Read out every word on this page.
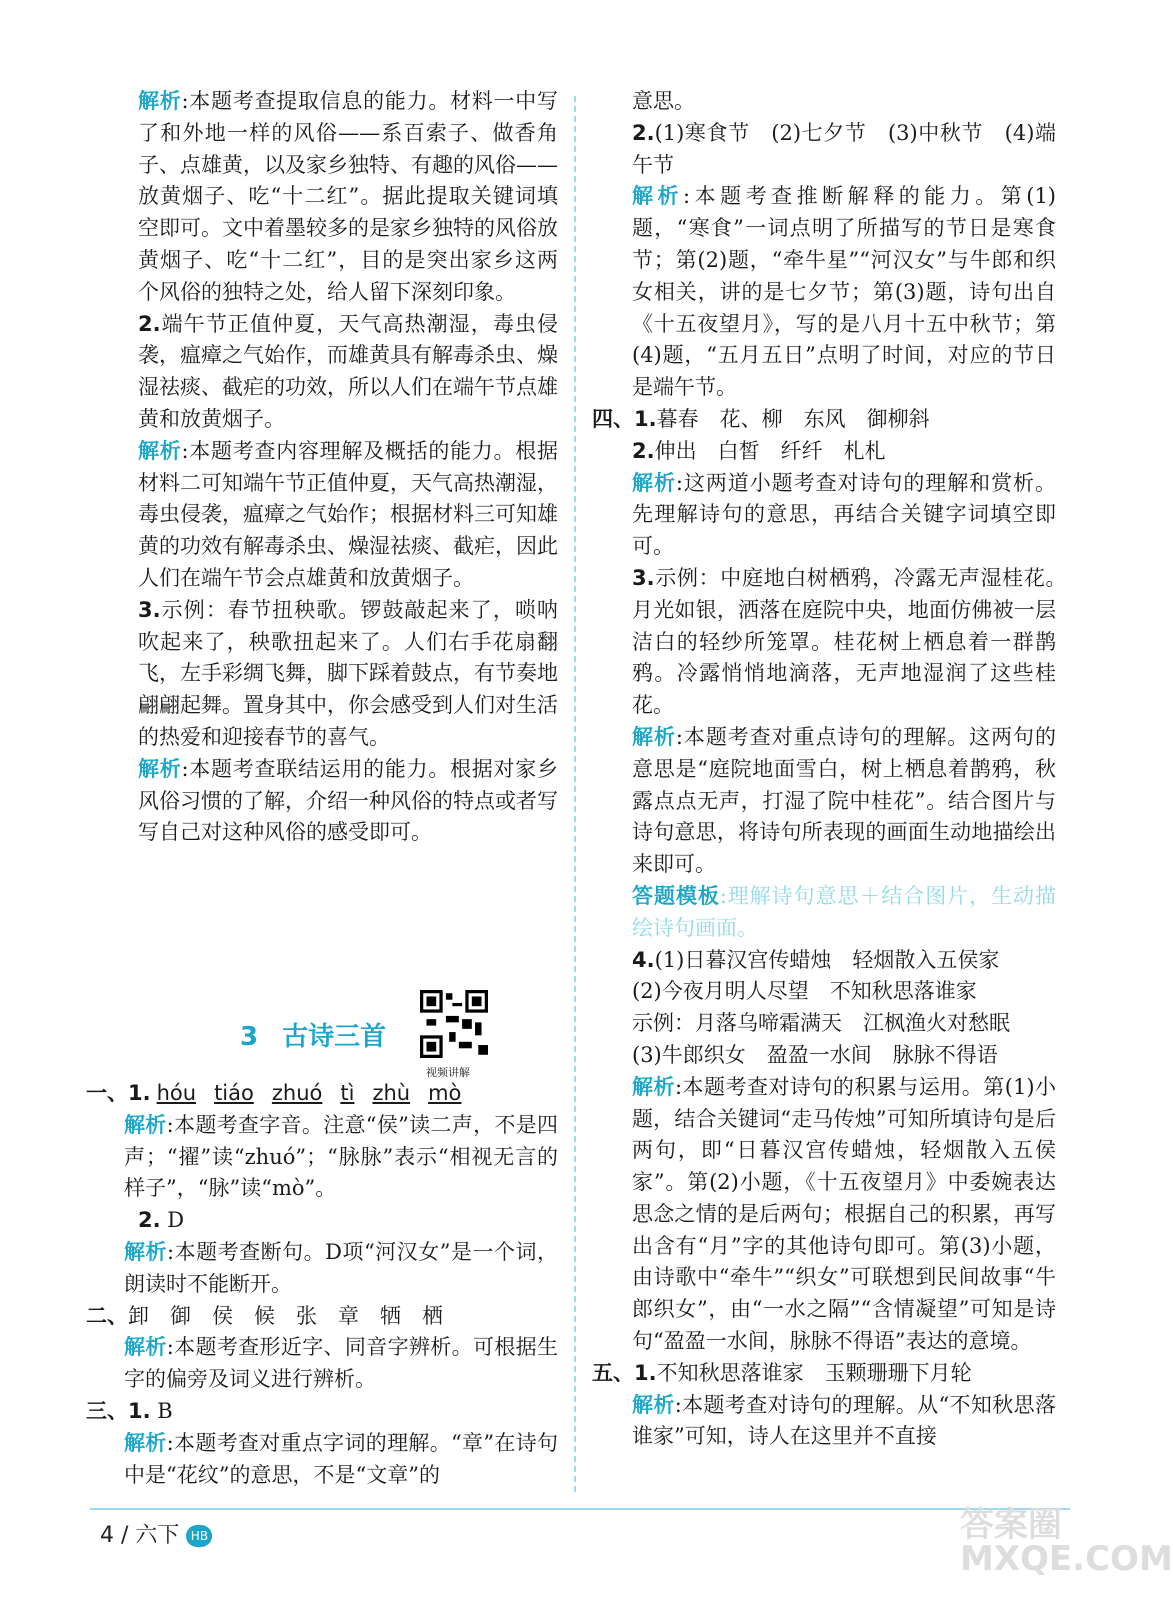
解析:本题考查提取信息的能力。材料一中写了和外地一样的风俗——系百索子、做香角子、点雄黄，以及家乡独特、有趣的风俗——放黄烟子、吃“十二红”。据此提取关键词填空即可。文中着墨较多的是家乡独特的风俗放黄烟子、吃“十二红”，目的是突出家乡这两个风俗的独特之处，给人留下深刻印象。

2.端午节正值仲夏，天气高热潮湿，毒虫侵袭，瘟瘴之气始作，而雄黄具有解毒杀虫、燥湿祛痰、截疟的功效，所以人们在端午节点雄黄和放黄烟子。

解析:本题考查内容理解及概括的能力。根据材料二可知端午节正值仲夏，天气高热潮湿，毒虫侵袭，瘟瘴之气始作；根据材料三可知雄黄的功效有解毒杀虫、燥湿祛痰、截疟，因此人们在端午节会点雄黄和放黄烟子。

3.示例：春节扭秧歌。锣鼓敲起来了，唢呐吹起来了，秧歌扭起来了。人们右手花扇翻飞，左手彩绸飞舞，脚下踩着鼓点，有节奏地翩翩起舞。置身其中，你会感受到人们对生活的热爱和迎接春节的喜气。

解析:本题考查联结运用的能力。根据对家乡风俗习惯的了解，介绍一种风俗的特点或者写写自己对这种风俗的感受即可。

3 古诗三首
视频讲解

一、1. hóu tiáo zhuó tì zhù mò

解析:本题考查字音。注意“侯”读二声，不是四声；“擢”读“zhuó”；“脉脉”表示“相视无言的样子”，“脉”读“mò”。

2. D

解析:本题考查断句。D项“河汉女”是一个词，朗读时不能断开。

二、卸　御　侯　候　张　章　牺　栖

解析:本题考查形近字、同音字辨析。可根据生字的偏旁及词义进行辨析。

三、1. B

解析:本题考查对重点字词的理解。“章”在诗句中是“花纹”的意思，不是“文章”的

意思。

2.(1)寒食节　(2)七夕节　(3)中秋节　(4)端午节

解析:本题考查推断解释的能力。第(1)题，“寒食”一词点明了所描写的节日是寒食节；第(2)题，“牵牛星”“河汉女”与牛郎和织女相关，讲的是七夕节；第(3)题，诗句出自《十五夜望月》，写的是八月十五中秋节；第(4)题，“五月五日”点明了时间，对应的节日是端午节。

四、1.暮春　花、柳　东风　御柳斜

2.伸出　白皙　纤纤　札札

解析:这两道小题考查对诗句的理解和赏析。先理解诗句的意思，再结合关键字词填空即可。

3.示例：中庭地白树栖鸦，冷露无声湿桂花。　月光如银，洒落在庭院中央，地面仿佛被一层洁白的轻纱所笼罩。桂花树上栖息着一群鹊鸦。冷露悄悄地滴落，无声地湿润了这些桂花。

解析:本题考查对重点诗句的理解。这两句的意思是“庭院地面雪白，树上栖息着鹊鸦，秋露点点无声，打湿了院中桂花”。结合图片与诗句意思，将诗句所表现的画面生动地描绘出来即可。

答题模板:理解诗句意思＋结合图片，生动描绘诗句画面。

4.(1)日暮汉宫传蜡烛　轻烟散入五侯家

(2)今夜月明人尽望　不知秋思落谁家

示例：月落乌啼霜满天　江枫渔火对愁眠

(3)牛郎织女　盈盈一水间　脉脉不得语

解析:本题考查对诗句的积累与运用。第(1)小题，结合关键词“走马传烛”可知所填诗句是后两句，即“日暮汉宫传蜡烛，轻烟散入五侯家”。第(2)小题，《十五夜望月》中委婉表达思念之情的是后两句；根据自己的积累，再写出含有“月”字的其他诗句即可。第(3)小题，由诗歌中“牵牛”“织女”可联想到民间故事“牛郎织女”，由“一水之隔”“含情凝望”可知是诗句“盈盈一水间，脉脉不得语”表达的意境。

五、1.不知秋思落谁家　玉颗珊珊下月轮

解析:本题考查对诗句的理解。从“不知秋思落谁家”可知，诗人在这里并不直接

4 / 六下 HB	答案圈 MXQE.COM
